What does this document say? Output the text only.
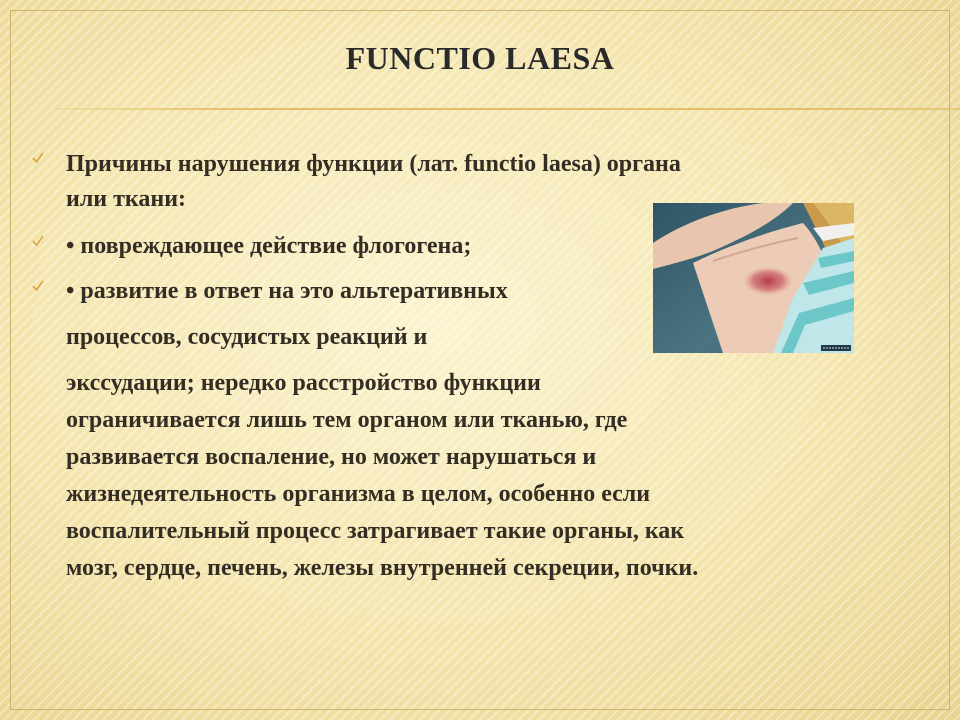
FUNCTIO LAESA
Причины нарушения функции (лат. functio laesa) органа
или ткани:
• повреждающее действие флогогена;
• развитие в ответ на это альтеративных
процессов, сосудистых реакций и
экссудации; нередко расстройство функции
ограничивается лишь тем органом или тканью, где
развивается воспаление, но может нарушаться и
жизнедеятельность организма в целом, особенно если
воспалительный процесс затрагивает такие органы, как
мозг, сердце, печень, железы внутренней секреции, почки.
